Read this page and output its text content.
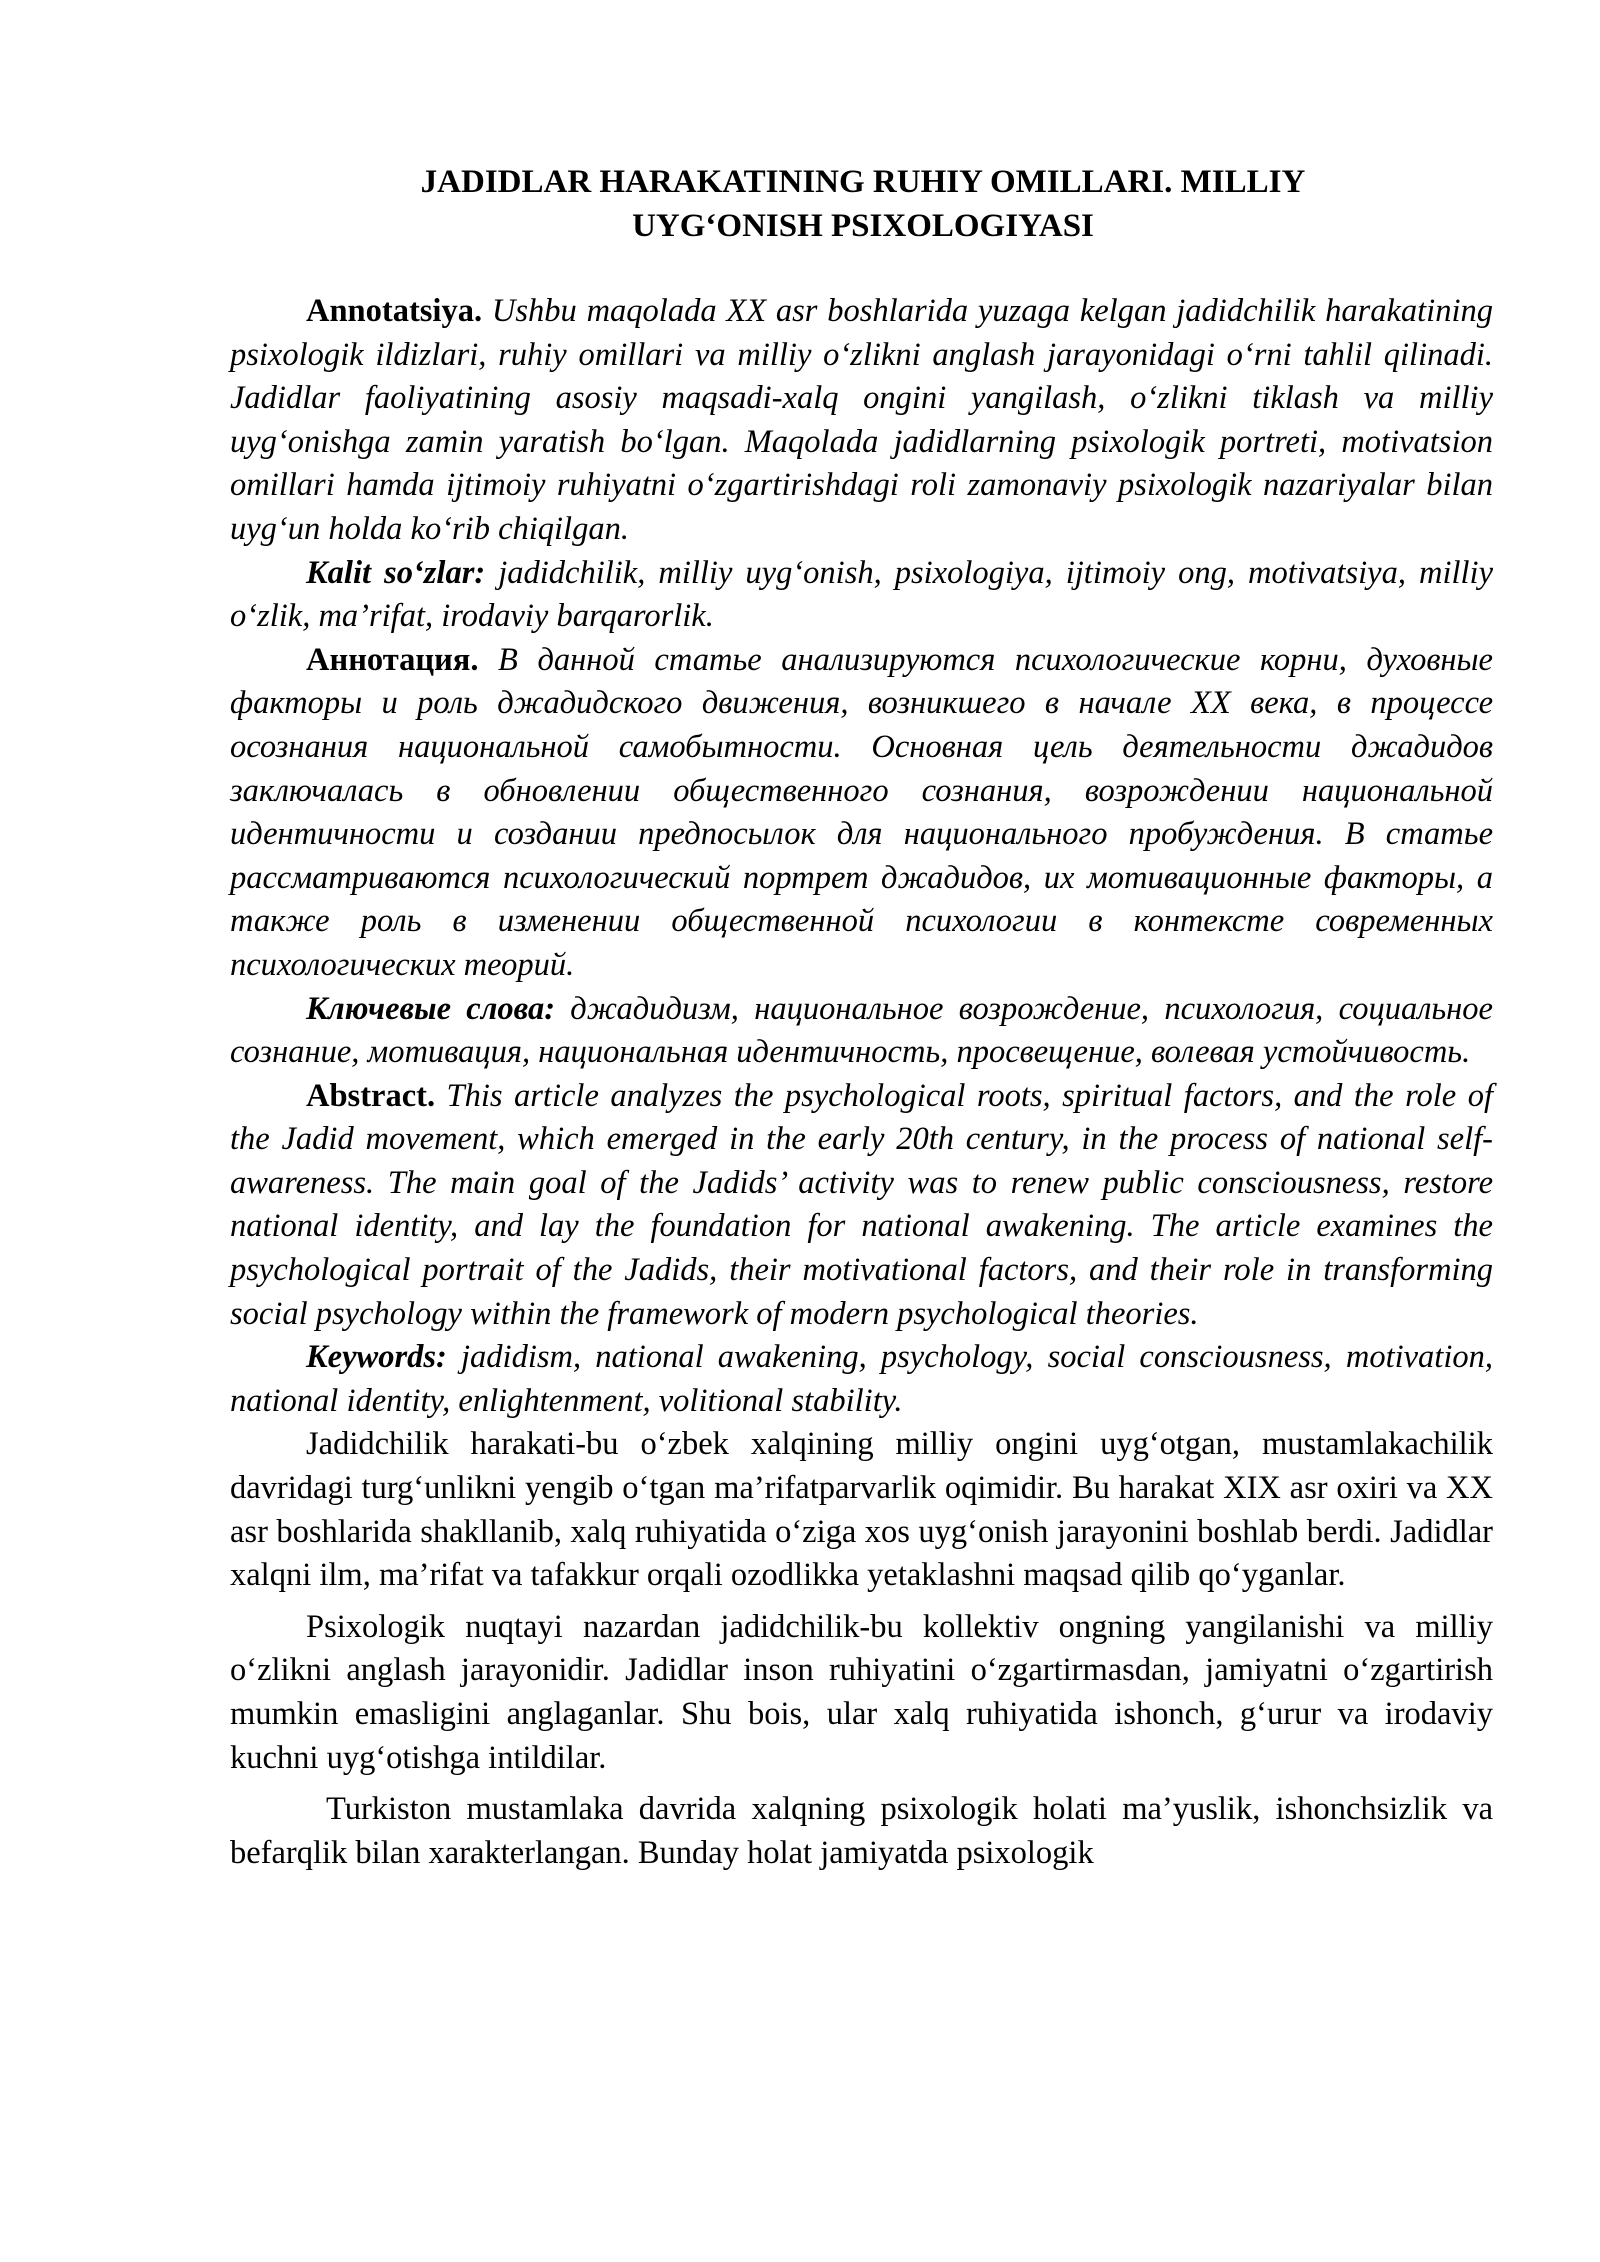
JADIDLAR HARAKATINING RUHIY OMILLARI. MILLIY
UYG‘ONISH PSIXOLOGIYASI

Annotatsiya. Ushbu maqolada XX asr boshlarida yuzaga kelgan jadidchilik harakatining psixologik ildizlari, ruhiy omillari va milliy o‘zlikni anglash jarayonidagi o‘rni tahlil qilinadi. Jadidlar faoliyatining asosiy maqsadi-xalq ongini yangilash, o‘zlikni tiklash va milliy uyg‘onishga zamin yaratish bo‘lgan. Maqolada jadidlarning psixologik portreti, motivatsion omillari hamda ijtimoiy ruhiyatni o‘zgartirishdagi roli zamonaviy psixologik nazariyalar bilan uyg‘un holda ko‘rib chiqilgan.

Kalit so‘zlar: jadidchilik, milliy uyg‘onish, psixologiya, ijtimoiy ong, motivatsiya, milliy o‘zlik, ma’rifat, irodaviy barqarorlik.

Аннотация. В данной статье анализируются психологические корни, духовные факторы и роль джадидского движения, возникшего в начале XX века, в процессе осознания национальной самобытности. Основная цель деятельности джадидов заключалась в обновлении общественного сознания, возрождении национальной идентичности и создании предпосылок для национального пробуждения. В статье рассматриваются психологический портрет джадидов, их мотивационные факторы, а также роль в изменении общественной психологии в контексте современных психологических теорий.

Ключевые слова: джадидизм, национальное возрождение, психология, социальное сознание, мотивация, национальная идентичность, просвещение, волевая устойчивость.

Abstract. This article analyzes the psychological roots, spiritual factors, and the role of the Jadid movement, which emerged in the early 20th century, in the process of national self-awareness. The main goal of the Jadids’ activity was to renew public consciousness, restore national identity, and lay the foundation for national awakening. The article examines the psychological portrait of the Jadids, their motivational factors, and their role in transforming social psychology within the framework of modern psychological theories.

Keywords: jadidism, national awakening, psychology, social consciousness, motivation, national identity, enlightenment, volitional stability.

Jadidchilik harakati-bu o‘zbek xalqining milliy ongini uyg‘otgan, mustamlakachilik davridagi turg‘unlikni yengib o‘tgan ma’rifatparvarlik oqimidir. Bu harakat XIX asr oxiri va XX asr boshlarida shakllanib, xalq ruhiyatida o‘ziga xos uyg‘onish jarayonini boshlab berdi. Jadidlar xalqni ilm, ma’rifat va tafakkur orqali ozodlikka yetaklashni maqsad qilib qo‘yganlar.

Psixologik nuqtayi nazardan jadidchilik-bu kollektiv ongning yangilanishi va milliy o‘zlikni anglash jarayonidir. Jadidlar inson ruhiyatini o‘zgartirmasdan, jamiyatni o‘zgartirish mumkin emasligini anglaganlar. Shu bois, ular xalq ruhiyatida ishonch, g‘urur va irodaviy kuchni uyg‘otishga intildilar.

Turkiston mustamlaka davrida xalqning psixologik holati ma’yuslik, ishonchsizlik va befarqlik bilan xarakterlangan. Bunday holat jamiyatda psixologik
